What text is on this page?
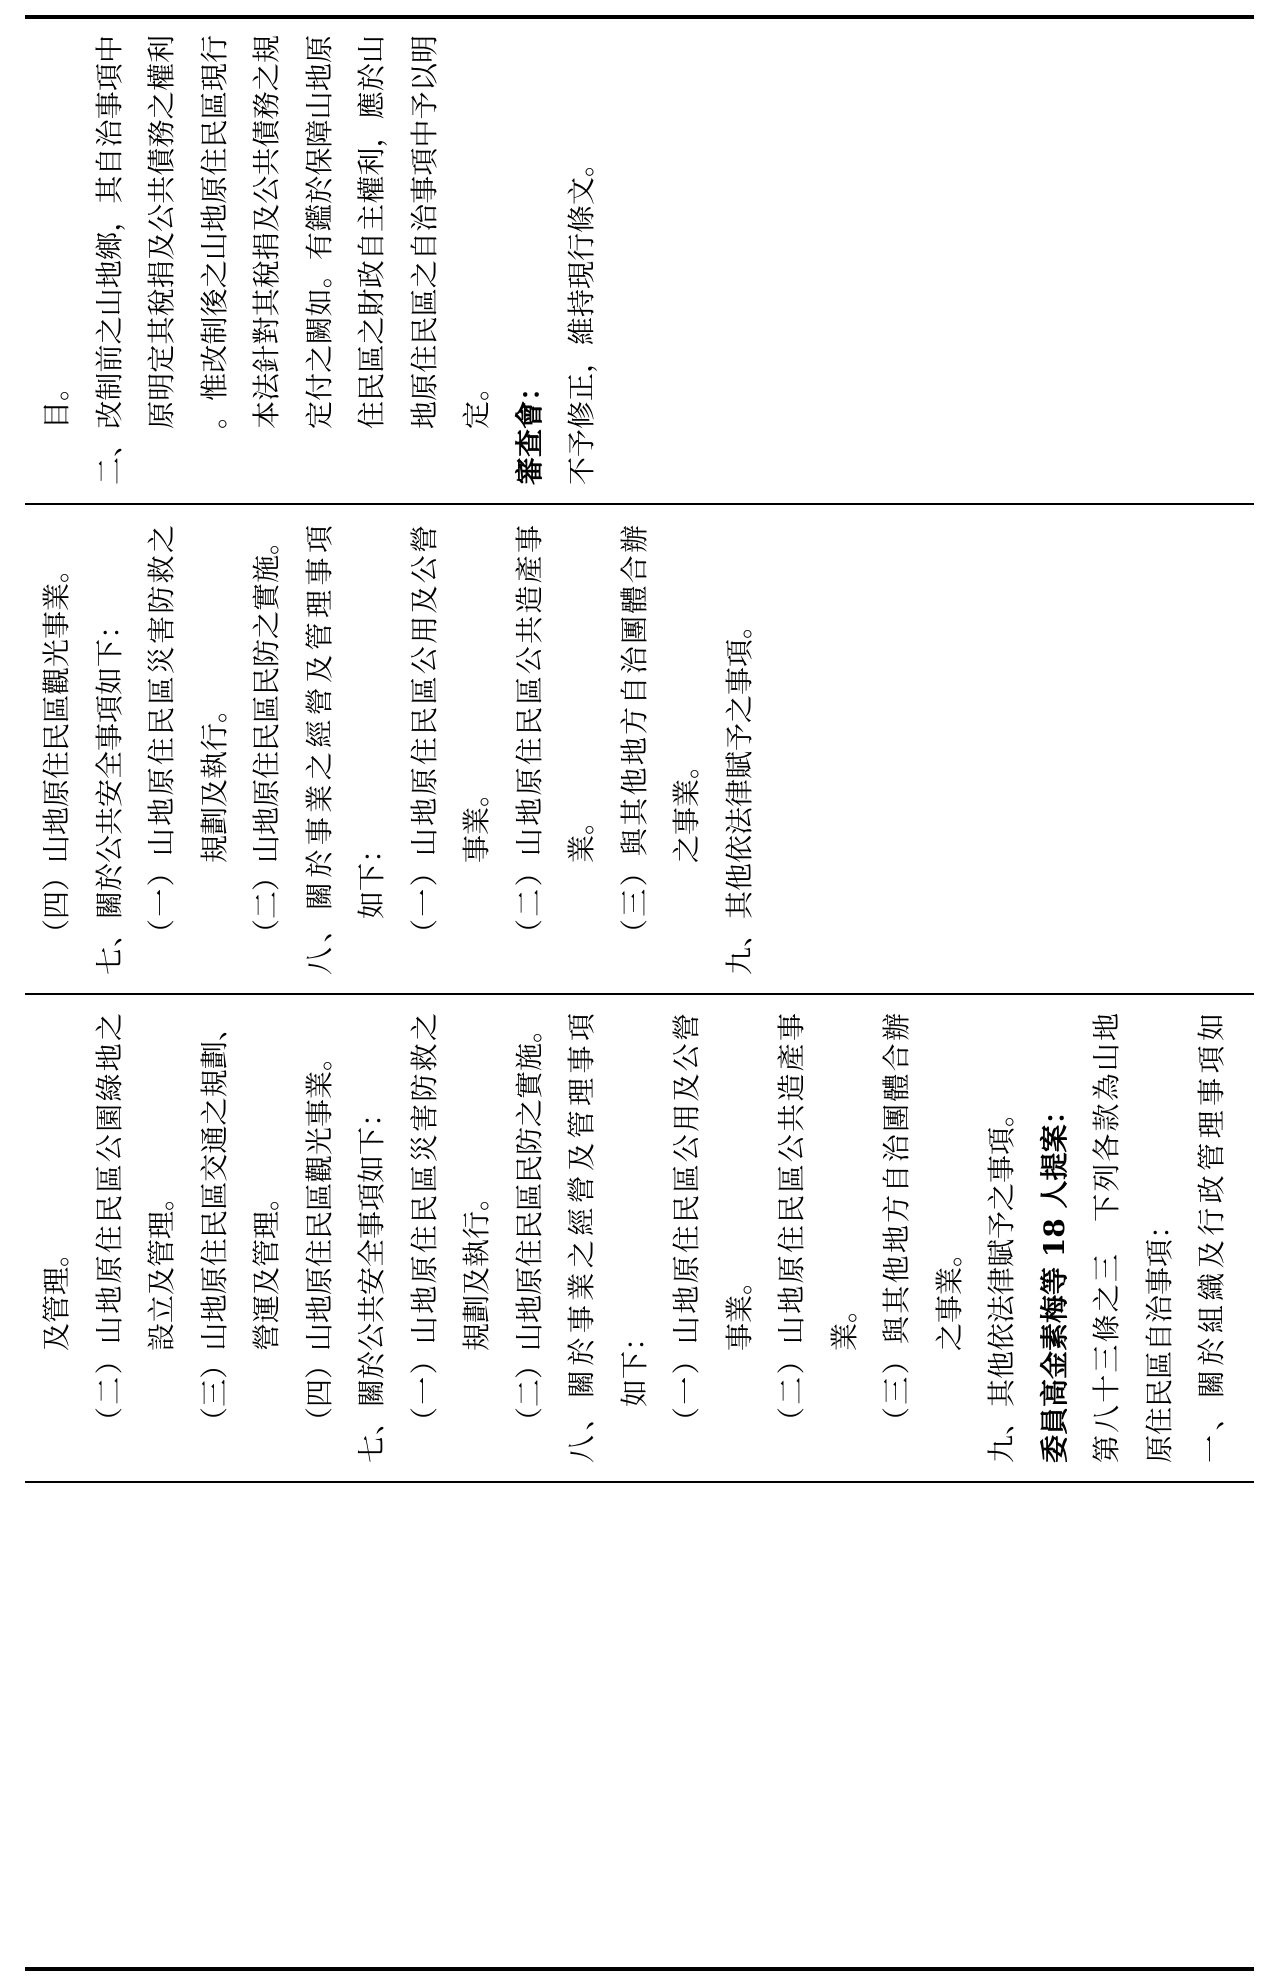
及管理。 （二）山地原住民區公園綠地之 設立及管理。 （三）山地原住民區交通之規劃、 營運及管理。 （四）山地原住民區觀光事業。 七、關於公共安全事項如下： （一）山地原住民區災害防救之 規劃及執行。 （二）山地原住民區民防之實施。 八、關於事業之經營及管理事項 如下： （一）山地原住民區公用及公營 事業。 （二）山地原住民區公共造產事 業。 （三）與其他地方自治團體合辦 之事業。 九、其他依法律賦予之事項。 委員高金素梅等 18 人提案： 第八十三條之三　下列各款為山地 原住民區自治事項： 一、關於組織及行政管理事項如
（四）山地原住民區觀光事業。 七、關於公共安全事項如下： （一）山地原住民區災害防救之 規劃及執行。 （二）山地原住民區民防之實施。 八、關於事業之經營及管理事項 如下： （一）山地原住民區公用及公營 事業。 （二）山地原住民區公共造產事 業。 （三）與其他地方自治團體合辦 之事業。 九、其他依法律賦予之事項。
目。 二、改制前之山地鄉，其自治事項中 原明定其稅捐及公共債務之權利 。惟改制後之山地原住民區現行 本法針對其稅捐及公共債務之規 定付之闕如。有鑑於保障山地原 住民區之財政自主權利，應於山 地原住民區之自治事項中予以明 定。 審查會： 不予修正，維持現行條文。
